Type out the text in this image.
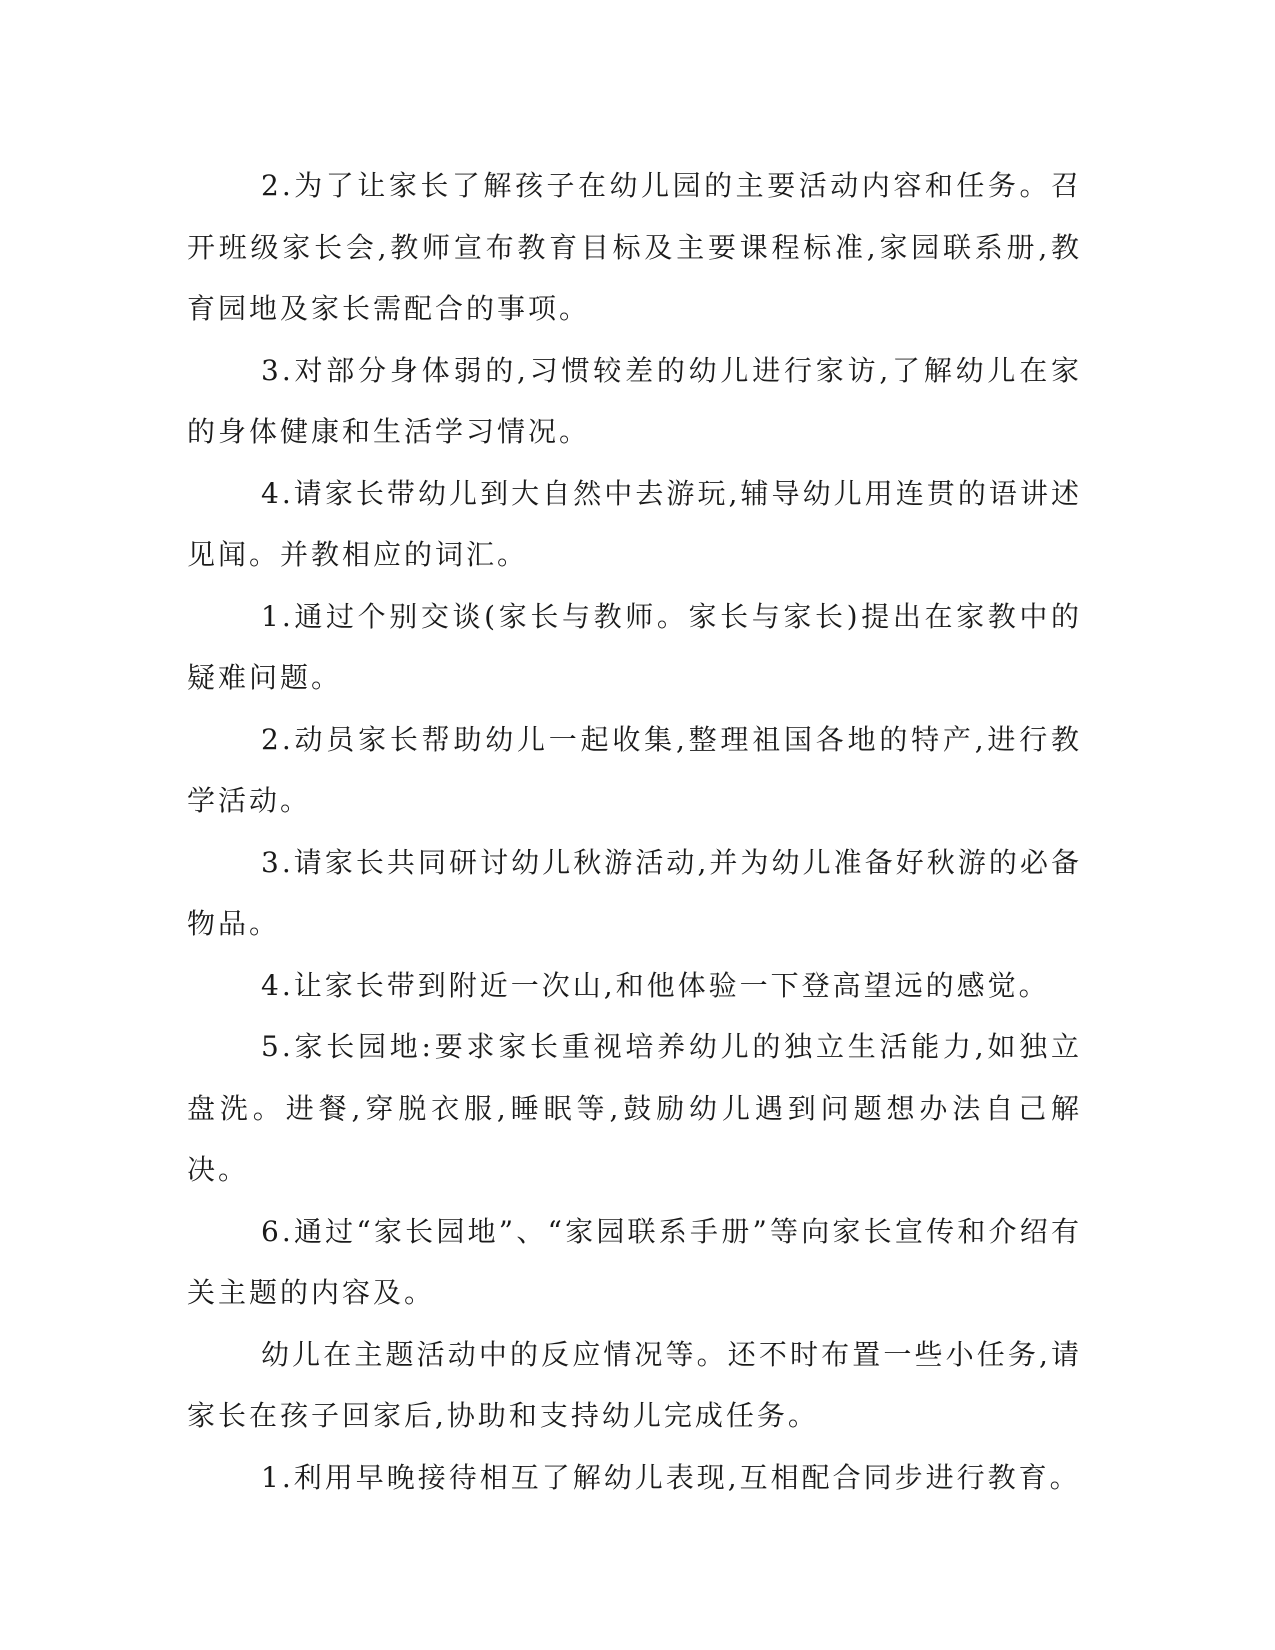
2.为了让家长了解孩子在幼儿园的主要活动内容和任务。召开班级家长会,教师宣布教育目标及主要课程标准,家园联系册,教育园地及家长需配合的事项。

3.对部分身体弱的,习惯较差的幼儿进行家访,了解幼儿在家的身体健康和生活学习情况。

4.请家长带幼儿到大自然中去游玩,辅导幼儿用连贯的语讲述见闻。并教相应的词汇。

1.通过个别交谈(家长与教师。家长与家长)提出在家教中的疑难问题。

2.动员家长帮助幼儿一起收集,整理祖国各地的特产,进行教学活动。

3.请家长共同研讨幼儿秋游活动,并为幼儿准备好秋游的必备物品。

4.让家长带到附近一次山,和他体验一下登高望远的感觉。

5.家长园地:要求家长重视培养幼儿的独立生活能力,如独立盘洗。进餐,穿脱衣服,睡眠等,鼓励幼儿遇到问题想办法自己解决。

6.通过“家长园地”、“家园联系手册”等向家长宣传和介绍有关主题的内容及。

幼儿在主题活动中的反应情况等。还不时布置一些小任务,请家长在孩子回家后,协助和支持幼儿完成任务。

1.利用早晚接待相互了解幼儿表现,互相配合同步进行教育。
